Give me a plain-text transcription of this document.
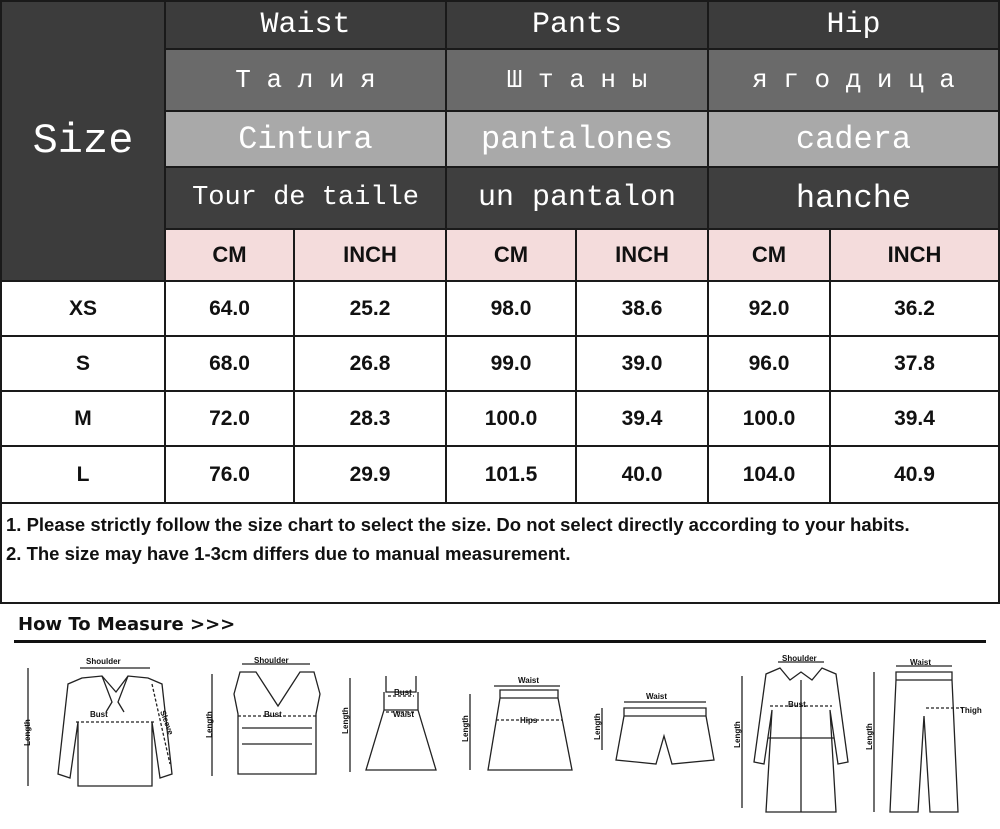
Size
Waist	Pants	Hip
Т а л и я	Ш т а н ы	я г о д и ц а
Cintura	pantalones	cadera
Tour de taille	un pantalon	hanche
CM	INCH	CM	INCH	CM	INCH
XS	64.0	25.2	98.0	38.6	92.0	36.2
S	68.0	26.8	99.0	39.0	96.0	37.8
M	72.0	28.3	100.0	39.4	100.0	39.4
L	76.0	29.9	101.5	40.0	104.0	40.9

1. Please strictly follow the size chart to select the size. Do not select directly according to your habits.

2. The size may have 1-3cm differs due to manual measurement.

How To Measure >>>
Shoulder
Bust	Sleeve
Length
Shoulder
Bust
Length
Bust
Waist
Length
Waist
Hips
Length
Waist
Length
Shoulder
Bust
Length
Waist
Thigh
Length
